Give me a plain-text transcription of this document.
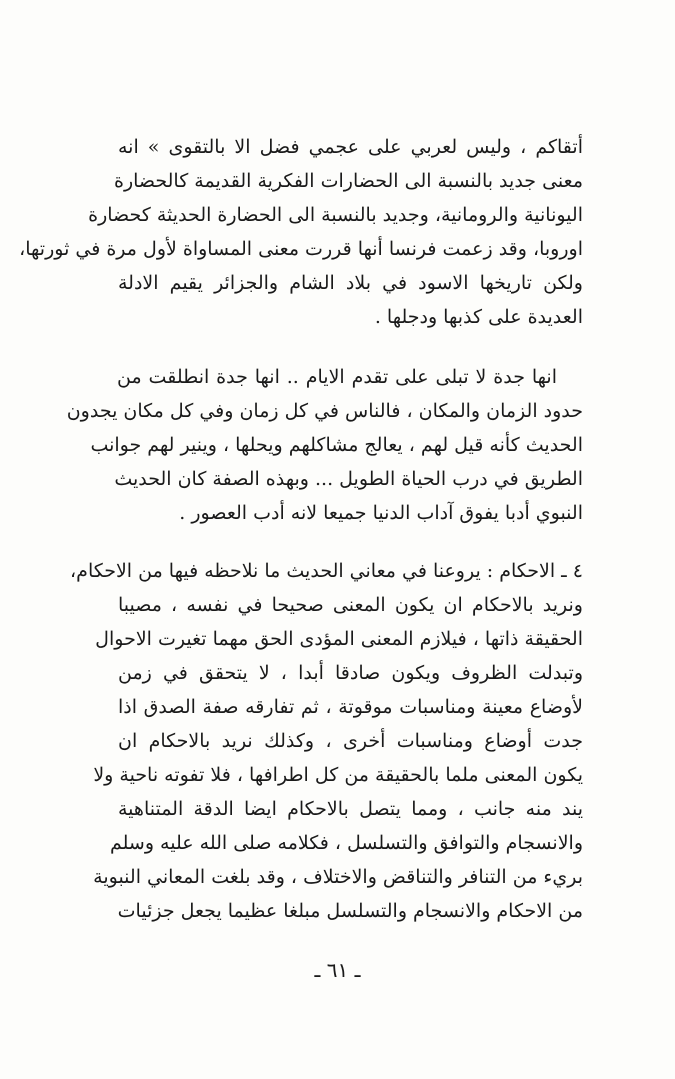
أتقاكم ، وليس لعربي على عجمي فضل الا بالتقوى » انه
معنى جديد بالنسبة الى الحضارات الفكرية القديمة كالحضارة
اليونانية والرومانية، وجديد بالنسبة الى الحضارة الحديثة كحضارة
اوروبا، وقد زعمت فرنسا أنها قررت معنى المساواة لأول مرة في ثورتها،
ولكن تاريخها الاسود في بلاد الشام والجزائر يقيم الادلة
العديدة على كذبها ودجلها .
انها جدة لا تبلى على تقدم الايام .. انها جدة انطلقت من
حدود الزمان والمكان ، فالناس في كل زمان وفي كل مكان يجدون
الحديث كأنه قيل لهم ، يعالج مشاكلهم ويحلها ، وينير لهم جوانب
الطريق في درب الحياة الطويل ... وبهذه الصفة كان الحديث
النبوي أدبا يفوق آداب الدنيا جميعا لانه أدب العصور .
٤ ـ الاحكام : يروعنا في معاني الحديث ما نلاحظه فيها من الاحكام،
ونريد بالاحكام ان يكون المعنى صحيحا في نفسه ، مصيبا
الحقيقة ذاتها ، فيلازم المعنى المؤدى الحق مهما تغيرت الاحوال
وتبدلت الظروف ويكون صادقا أبدا ، لا يتحقق في زمن
لأوضاع معينة ومناسبات موقوتة ، ثم تفارقه صفة الصدق اذا
جدت أوضاع ومناسبات أخرى ، وكذلك نريد بالاحكام ان
يكون المعنى ملما بالحقيقة من كل اطرافها ، فلا تفوته ناحية ولا
يند منه جانب ، ومما يتصل بالاحكام ايضا الدقة المتناهية
والانسجام والتوافق والتسلسل ، فكلامه صلى الله عليه وسلم
بريء من التنافر والتناقض والاختلاف ، وقد بلغت المعاني النبوية
من الاحكام والانسجام والتسلسل مبلغا عظيما يجعل جزئيات
ـ ٦١ ـ
